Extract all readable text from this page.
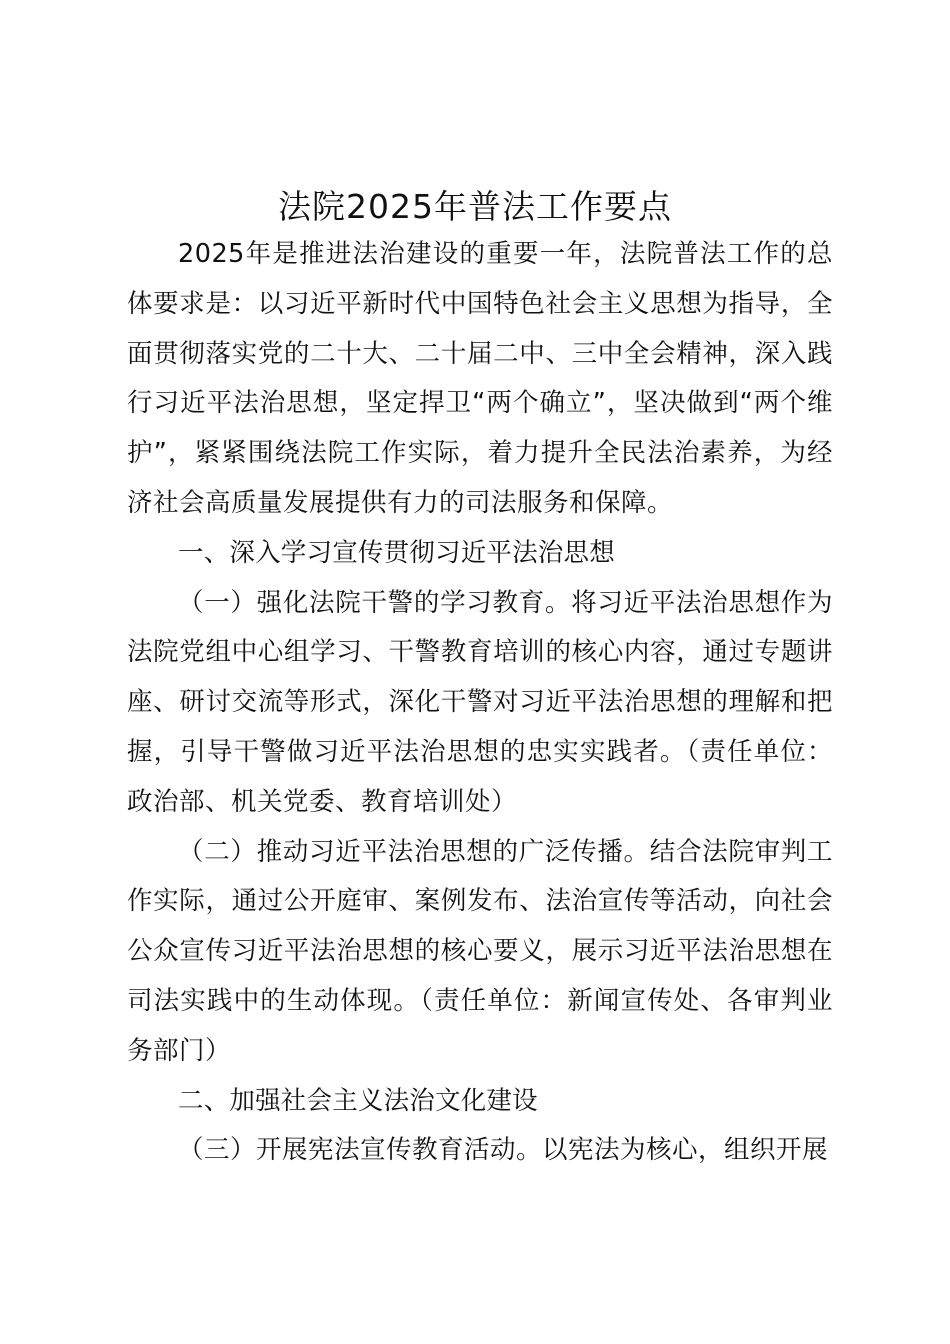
法院2025年普法工作要点

2025年是推进法治建设的重要一年，法院普法工作的总体要求是：以习近平新时代中国特色社会主义思想为指导，全面贯彻落实党的二十大、二十届二中、三中全会精神，深入践行习近平法治思想，坚定捍卫“两个确立”，坚决做到“两个维护”，紧紧围绕法院工作实际，着力提升全民法治素养，为经济社会高质量发展提供有力的司法服务和保障。

一、深入学习宣传贯彻习近平法治思想

（一）强化法院干警的学习教育。将习近平法治思想作为法院党组中心组学习、干警教育培训的核心内容，通过专题讲座、研讨交流等形式，深化干警对习近平法治思想的理解和把握，引导干警做习近平法治思想的忠实实践者。（责任单位：政治部、机关党委、教育培训处）

（二）推动习近平法治思想的广泛传播。结合法院审判工作实际，通过公开庭审、案例发布、法治宣传等活动，向社会公众宣传习近平法治思想的核心要义，展示习近平法治思想在司法实践中的生动体现。（责任单位：新闻宣传处、各审判业务部门）

二、加强社会主义法治文化建设

（三）开展宪法宣传教育活动。以宪法为核心，组织开展
